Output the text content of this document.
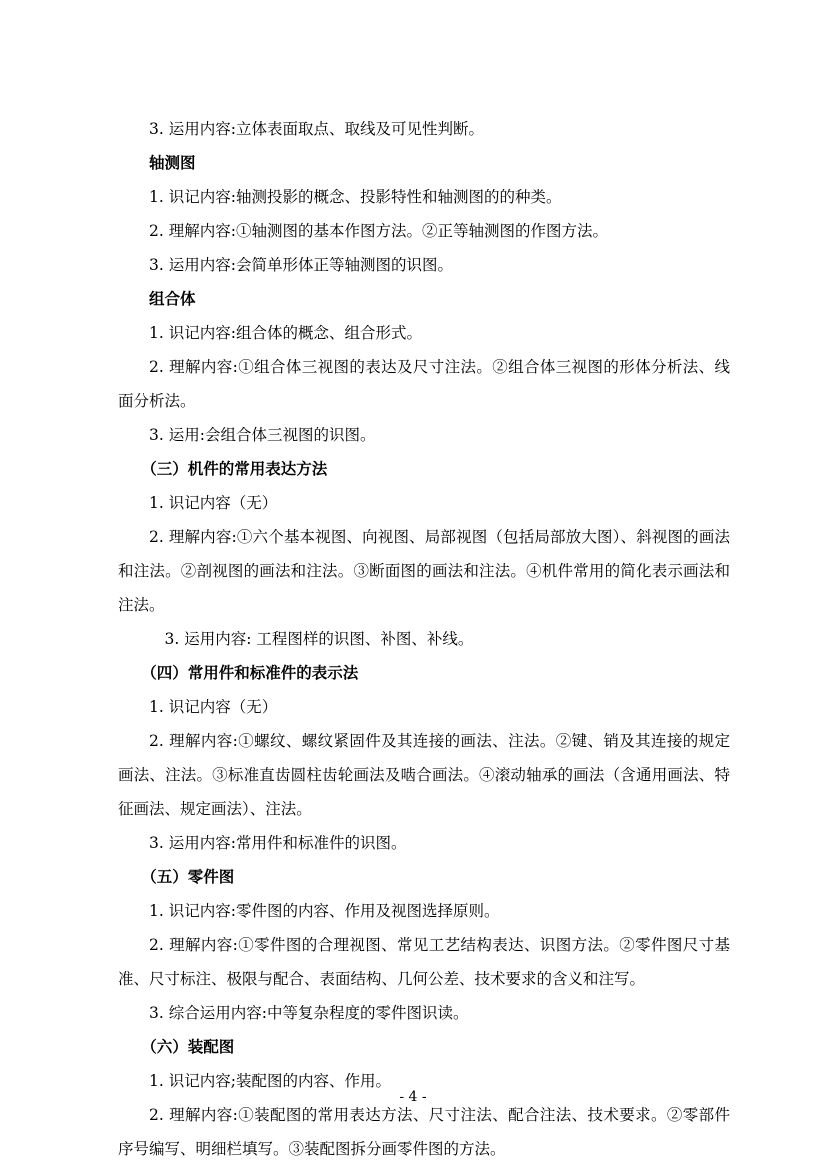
3. 运用内容:立体表面取点、取线及可见性判断。

轴测图

1. 识记内容:轴测投影的概念、投影特性和轴测图的的种类。

2. 理解内容:①轴测图的基本作图方法。②正等轴测图的作图方法。

3. 运用内容:会简单形体正等轴测图的识图。

组合体

1. 识记内容:组合体的概念、组合形式。

2. 理解内容:①组合体三视图的表达及尺寸注法。②组合体三视图的形体分析法、线面分析法。

3. 运用:会组合体三视图的识图。

（三）机件的常用表达方法

1. 识记内容（无）

2. 理解内容:①六个基本视图、向视图、局部视图（包括局部放大图）、斜视图的画法和注法。②剖视图的画法和注法。③断面图的画法和注法。④机件常用的简化表示画法和注法。

3. 运用内容: 工程图样的识图、补图、补线。

（四）常用件和标准件的表示法

1. 识记内容（无）

2. 理解内容:①螺纹、螺纹紧固件及其连接的画法、注法。②键、销及其连接的规定画法、注法。③标准直齿圆柱齿轮画法及啮合画法。④滚动轴承的画法（含通用画法、特征画法、规定画法）、注法。

3. 运用内容:常用件和标准件的识图。

（五）零件图

1. 识记内容:零件图的内容、作用及视图选择原则。

2. 理解内容:①零件图的合理视图、常见工艺结构表达、识图方法。②零件图尺寸基准、尺寸标注、极限与配合、表面结构、几何公差、技术要求的含义和注写。

3. 综合运用内容:中等复杂程度的零件图识读。

（六）装配图

1. 识记内容;装配图的内容、作用。

2. 理解内容:①装配图的常用表达方法、尺寸注法、配合注法、技术要求。②零部件序号编写、明细栏填写。③装配图拆分画零件图的方法。

- 4 -
